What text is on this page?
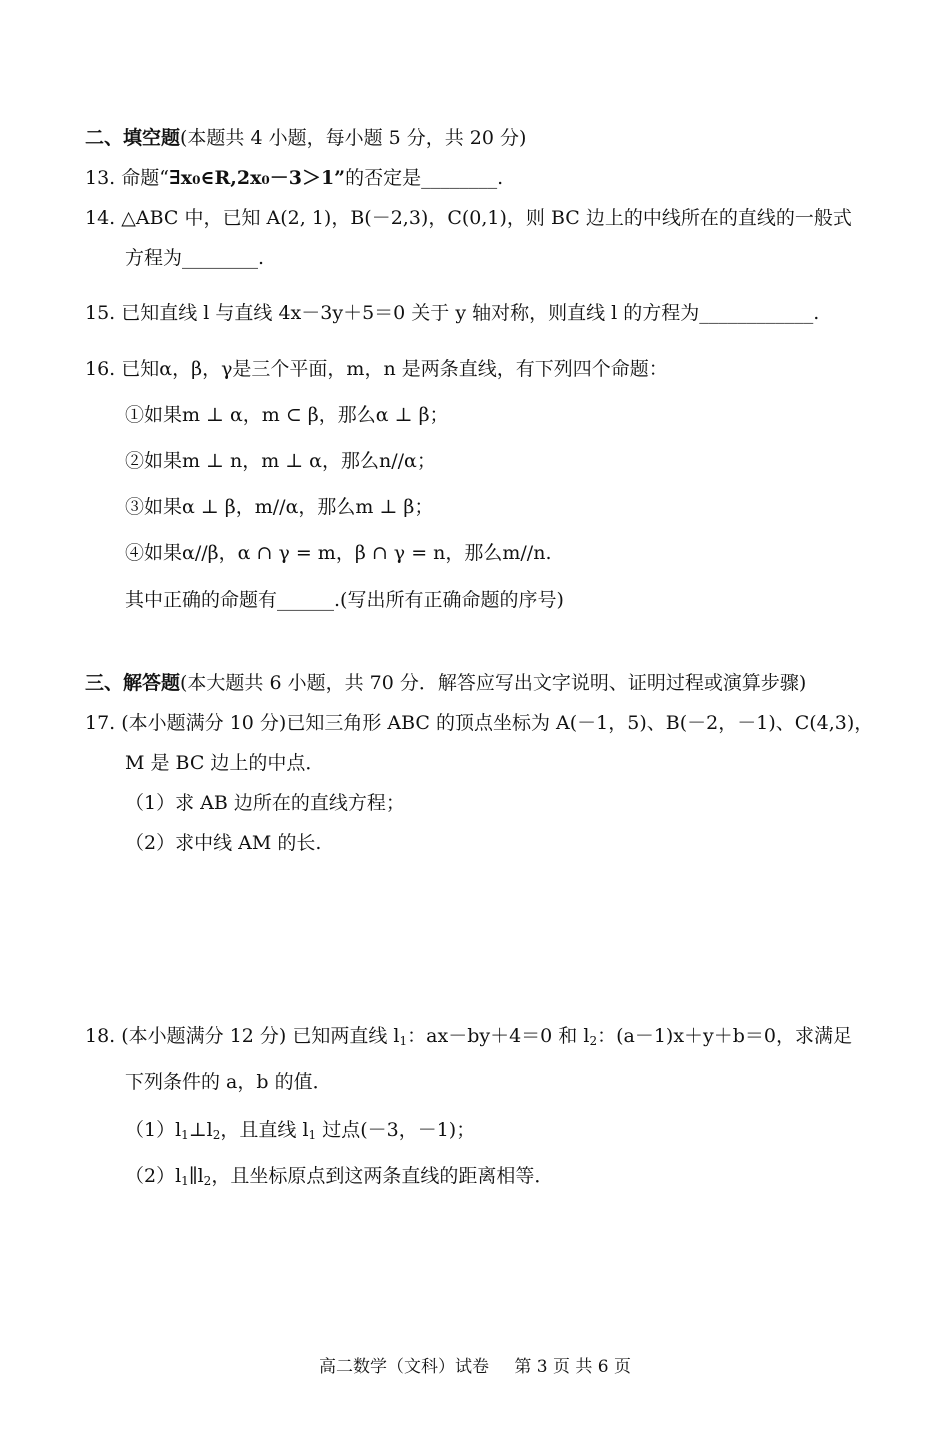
二、填空题(本题共 4 小题，每小题 5 分，共 20 分)
13. 命题“∃x₀∈R,2x₀－3＞1”的否定是________.
14. △ABC 中，已知 A(2, 1)，B(－2,3)，C(0,1)，则 BC 边上的中线所在的直线的一般式
方程为________.
15. 已知直线 l 与直线 4x－3y＋5＝0 关于 y 轴对称，则直线 l 的方程为____________.
16. 已知α，β，γ是三个平面，m，n 是两条直线，有下列四个命题：
①如果m ⊥ α，m ⊂ β，那么α ⊥ β；
②如果m ⊥ n，m ⊥ α，那么n//α；
③如果α ⊥ β，m//α，那么m ⊥ β；
④如果α//β，α ∩ γ = m，β ∩ γ = n，那么m//n.
其中正确的命题有______.(写出所有正确命题的序号)
三、解答题(本大题共 6 小题，共 70 分．解答应写出文字说明、证明过程或演算步骤)
17. (本小题满分 10 分)已知三角形 ABC 的顶点坐标为 A(－1，5)、B(－2，－1)、C(4,3)，
M 是 BC 边上的中点．
（1）求 AB 边所在的直线方程；
（2）求中线 AM 的长.
18. (本小题满分 12 分) 已知两直线 $l_1$：ax－by＋4＝0 和 $l_2$：(a－1)x＋y＋b＝0，求满足
下列条件的 a，b 的值．
$(1)l_1\perp l_2$，且直线 $l_1$ 过点(－3，－1)；
$(2)l_1\parallel l_2$，且坐标原点到这两条直线的距离相等．
高二数学（文科）试卷 第 3 页 共 6 页
